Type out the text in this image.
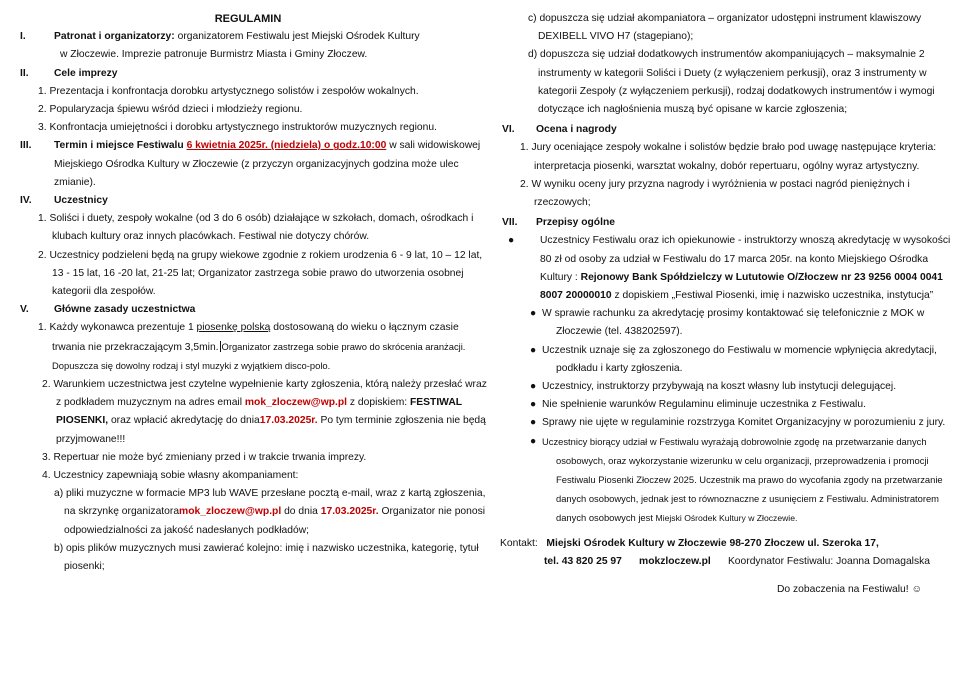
REGULAMIN

I.	Patronat i organizatorzy: organizatorem Festiwalu jest Miejski Ośrodek Kultury

w Złoczewie. Imprezie patronuje Burmistrz Miasta i Gminy Złoczew.

II. Cele imprezy

1. Prezentacja i konfrontacja dorobku artystycznego solistów i zespołów wokalnych.

2. Popularyzacja śpiewu wśród dzieci i młodzieży regionu.

3. Konfrontacja umiejętności i dorobku artystycznego instruktorów muzycznych regionu.

III. Termin i miejsce Festiwalu 6 kwietnia 2025r. (niedziela) o godz.10:00 w sali widowiskowej Miejskiego Ośrodka Kultury w Złoczewie (z przyczyn organizacyjnych godzina może ulec zmianie).

IV. Uczestnicy

1. Soliści i duety, zespoły wokalne (od 3 do 6 osób) działające w szkołach, domach, ośrodkach i klubach kultury oraz innych placówkach. Festiwal nie dotyczy chórów.

2. Uczestnicy podzieleni będą na grupy wiekowe zgodnie z rokiem urodzenia 6 - 9 lat, 10 – 12 lat, 13 - 15 lat, 16 -20 lat, 21-25 lat; Organizator zastrzega sobie prawo do utworzenia osobnej kategorii dla zespołów.

V. Główne zasady uczestnictwa

1. Każdy wykonawca prezentuje 1 piosenkę polską dostosowaną do wieku o łącznym czasie trwania nie przekraczającym 3,5min. Organizator zastrzega sobie prawo do skrócenia aranżacji. Dopuszcza się dowolny rodzaj i styl muzyki z wyjątkiem disco-polo.

2. Warunkiem uczestnictwa jest czytelne wypełnienie karty zgłoszenia, którą należy przesłać wraz z podkładem muzycznym na adres email mok_zloczew@wp.pl z dopiskiem: FESTIWAL PIOSENKI, oraz wpłacić akredytację do dnia17.03.2025r. Po tym terminie zgłoszenia nie będą przyjmowane!!!

3. Repertuar nie może być zmieniany przed i w trakcie trwania imprezy.

4. Uczestnicy zapewniają sobie własny akompaniament:

a) pliki muzyczne w formacie MP3 lub WAVE przesłane pocztą e-mail, wraz z kartą zgłoszenia, na skrzynkę organizatoramok_zloczew@wp.pl do dnia 17.03.2025r. Organizator nie ponosi odpowiedzialności za jakość nadesłanych podkładów;

b) opis plików muzycznych musi zawierać kolejno: imię i nazwisko uczestnika, kategorię, tytuł piosenki;

c) dopuszcza się udział akompaniatora – organizator udostępni instrument klawiszowy DEXIBELL VIVO H7 (stagepiano);

d) dopuszcza się udział dodatkowych instrumentów akompaniujących – maksymalnie 2 instrumenty w kategorii Soliści i Duety (z wyłączeniem perkusji), oraz 3 instrumenty w kategorii Zespoły (z wyłączeniem perkusji), rodzaj dodatkowych instrumentów i wymogi dotyczące ich nagłośnienia muszą być opisane w karcie zgłoszenia;

VI. Ocena i nagrody

1. Jury oceniające zespoły wokalne i solistów będzie brało pod uwagę następujące kryteria: interpretacja piosenki, warsztat wokalny, dobór repertuaru, ogólny wyraz artystyczny.

2. W wyniku oceny jury przyzna nagrody i wyróżnienia w postaci nagród pieniężnych i rzeczowych;

VII. Przepisy ogólne

●	Uczestnicy Festiwalu oraz ich opiekunowie - instruktorzy wnoszą akredytację w wysokości 80 zł od osoby za udział w Festiwalu do 17 marca 205r. na konto Miejskiego Ośrodka Kultury : Rejonowy Bank Spółdzielczy w Lututowie O/Złoczew nr 23 9256 0004 0041 8007 20000010 z dopiskiem „Festiwal Piosenki, imię i nazwisko uczestnika, instytucja”

● W sprawie rachunku za akredytację prosimy kontaktować się telefonicznie z MOK w Złoczewie (tel. 438202597).
● Uczestnik uznaje się za zgłoszonego do Festiwalu w momencie wpłynięcia akredytacji, podkładu i karty zgłoszenia.
● Uczestnicy, instruktorzy przybywają na koszt własny lub instytucji delegującej.
● Nie spełnienie warunków Regulaminu eliminuje uczestnika z Festiwalu.
● Sprawy nie ujęte w regulaminie rozstrzyga Komitet Organizacyjny w porozumieniu z jury.
● Uczestnicy biorący udział w Festiwalu wyrażają dobrowolnie zgodę na przetwarzanie danych osobowych, oraz wykorzystanie wizerunku w celu organizacji, przeprowadzenia i promocji Festiwalu Piosenki Złoczew 2025. Uczestnik ma prawo do wycofania zgody na przetwarzanie danych osobowych, jednak jest to równoznaczne z usunięciem z Festiwalu. Administratorem danych osobowych jest Miejski Ośrodek Kultury w Złoczewie.

Kontakt: Miejski Ośrodek Kultury w Złoczewie 98-270 Złoczew ul. Szeroka 17,

tel. 43 820 25 97 mokzloczew.pl Koordynator Festiwalu: Joanna Domagalska

Do zobaczenia na Festiwalu! ☺
